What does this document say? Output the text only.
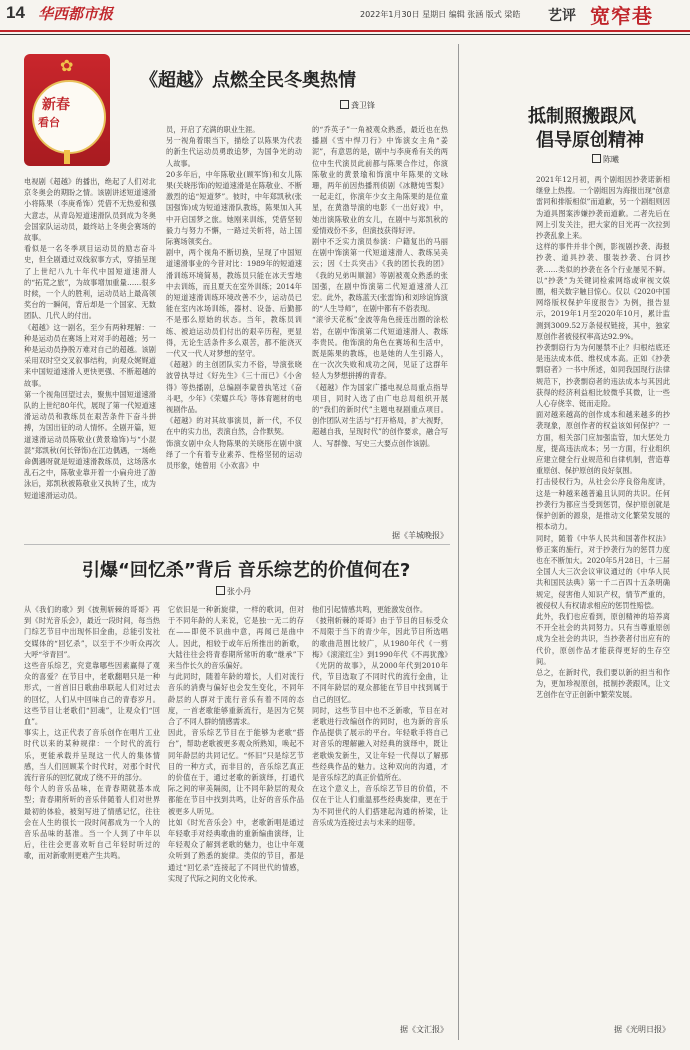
14 华西都市报	2022年1月30日 星期日 编辑 张涵 版式 梁皓 艺评 宽窄巷
✿
新春
看台
《超越》点燃全民冬奥热情
龚卫锋
电视剧《超越》的播出，绝起了人们对北京冬奥会的期盼之情。该剧讲述短道速滑小将陈果（李庚希饰）凭借不无热爱和强大意志，从青岛短道速滑队员到成为冬奥会国家队运动员，最终站上冬奥会赛场的故事。
看似是一名冬季项目运动员的励志奋斗史，但全剧通过双线叙事方式，穿插呈现了上世纪八九十年代中国短道速滑人的“拓荒之旅”，为故事增加重量……很多时候，一个人的胜利，运动员站上最高领奖台的一瞬间，背后却是一个国家、无数团队、几代人的付出。
《超越》这一剧名，至少有两种理解：一种是运动员在赛场上对对手的超越；另一种是运动员挣脱万难对自己的超越。该剧采用双时空交叉叙事结构，向观众娓娓道来中国短道速滑人更快更强、不断超越的故事。
第一个视角回望过去，聚焦中国短道速滑队的上世纪80年代，展现了第一代短道速滑运动员和教练员在艰苦条件下奋斗拼搏，为国出征的动人情怀。全剧开篇，短道速滑运动员陈敬业(黄景瑜饰)与“小混混”郑凯秋(何长铎饰)在江边偶遇，一场绝命偶遇呀就是短道速滑教练员，这场落水乱石之中，陈敬业靠开着一小扁舟进了游泳后，郑凯秋被陈敬业又执转了生，成为短道速滑运动员。
员，开启了充满的职业生涯。
另一视角着眼当下，描绘了以陈果为代表的新生代运动员勇敢追梦，为国争光的动人故事。
20多年后，中年陈敬业(顾军饰)和女儿陈果(关晓彤饰)的短道速滑是在陈敬业、不断激烈的追“短道梦”。彼时，中年郑凯秋(张国强饰)成为短道速滑队教练，陈果加入其中开启国梦之旅。她刚来训练，凭借坚韧毅力与努力不懈，一路过关斩将，站上国际赛场领奖台。
剧中，两个视角不断切换，呈现了中国短道速滑事业的今昔对比：1989年的短道速滑训练环境简易，教练员只能在冰天雪地中去训练，而且夏天在室外训练；2014年的短道速滑训练环境改善不少，运动员已能在室内冰场训练，器材、设备、后勤都不是那么原始的状态。当年，教练员训练、被迫运动员们付出的艰辛历程，更显得，无论生活条件多么艰苦，都不能浇灭一代又一代人对梦想的坚守。
《超越》的主创团队实力不俗，导演张晓波曾执导过《好先生》《三十而已》《小舍得》等热播剧，总编剧李蒙曾执笔过《奋斗吧，少年》《荣耀乒乓》等体育题材的电视剧作品。
《超越》的对其故事演员，新一代，不仅在中的实力出，表演自然，合作默契。
饰演女剧中众人物陈果的关晓彤在剧中演绎了一个有着专业素养、性格坚韧的运动员形象，她曾用《小欢喜》中
的“乔英子”一角被观众熟悉，最近也在热播剧《雪中悍刀行》中饰演女主角“姜泥”，有意思的是，剧中与李庚希有关的两位中生代演员此前都与陈果合作过，你演陈敬业的黄景瑜和饰演中年陈果的文咏珊，两年前因热播刑侦剧《冰糖炖雪梨》一起走红，你演年少女主角陈果的是位童星，在黄渤导演的电影《一出好戏》中，她出演陈敬业的女儿，在剧中与郑凯秋的爱情戏份不多，但演技获得好评。
剧中不乏实力演员参演：户籍复出的马丽在剧中饰演第一代短道速滑人、教练吴美云；因《士兵突击》《我的团长我的团》《我的兄弟叫顺溜》等剧被观众熟悉的张国强，在剧中饰演第二代短道速滑人江宏。此外，教练蓝天(张雷饰)和刘珍谊饰演的“人生导师”，在剧中都有不俗表现。
“滚爷天花板”金波等角色接连出圈的涂松岩，在剧中饰演第二代短道速滑人、教练李贵民。他饰演的角色在赛场和生活中，既是陈果的教练，也是她的人生引路人，在一次次失败和成功之间，见证了这群年轻人为梦想拼搏的青春。
《超越》作为国家广播电视总局重点指导项目，同时入选了由广电总局组织开展的“我们的新时代”主题电视剧重点项目。创作团队对生活与“打开格局，扩大视野，超越自我，呈现时代”的创作要求，融合写人、写群像、写史三大要点创作该剧。
据《羊城晚报》
引爆“回忆杀”背后 音乐综艺的价值何在?
张小丹
从《我们的歌》到《披荆斩棘的哥哥》再到《时光音乐会》，最近一段时间，每当热门综艺节目中出现怀旧金曲，总能引发社交媒体的“回忆杀”，以至于不少听众再次大呼“爷青回”。
这些音乐综艺，究竟靠哪些因素赢得了观众的喜爱？在节目中，老歌翻唱只是一种形式，一首首旧日歌曲串联起人们对过去的回忆，人们从中回味自己的青春岁月。这些节目让老歌们“回魂”，让观众们“回血”。
事实上，这正代表了音乐创作在唱片工业时代以来的某种规律：一个时代的流行乐，更能承载并呈现这一代人的集体情感，当人们回顾某个时代时，对那个时代流行音乐的回忆就成了绕不开的部分。
每个人的音乐品味，在青春期就基本成型；青春期所听的音乐伴随着人们对世界最初的体验，被刻写进了情感记忆，往往会在人生的很长一段时间都成为一个人的音乐品味的基准。当一个人到了中年以后，往往会更喜欢听自己年轻时听过的歌，而对新歌则更难产生共鸣。
它依旧是一种新旋律，一样的歌词，但对于不同年龄的人来说，它是独一无二的存在——即使不识曲中意，再闻已是曲中人。因此，相较于或年后所推出的新歌，大陆往往会将青春期所常听的歌“继承”下来当作长久的音乐偏好。
与此同时，随着年龄的增长，人们对流行音乐的消费与偏好也会发生变化，不同年龄层的人群对于流行音乐有着不同的态度，一首老歌能够重新流行，是因为它契合了不同人群的情感需求。
因此，音乐综艺节目在于能够为老歌“搭台”，帮助老歌被更多观众所熟知，唤起不同年龄层的共同记忆。“怀旧”只是综艺节目的一种方式，而非目的，音乐综艺真正的价值在于，通过老歌的新演绎，打通代际之间的审美隔阂，让不同年龄层的观众都能在节目中找到共鸣，让好的音乐作品被更多人听见。
比如《时光音乐会》中，老歌新唱是通过年轻歌手对经典歌曲的重新编曲演绎，让年轻观众了解到老歌的魅力，也让中年观众听到了熟悉的旋律。类似的节目，都是通过“回忆杀”连接起了不同世代的情感，实现了代际之间的文化传承。
他们引起情感共鸣，更能激发创作。
《披荆斩棘的哥哥》由于节目的目标受众不局限于当下的青少年，因此节目所选唱的歌曲范围比较广，从1980年代《一剪梅》《滚滚红尘》到1990年代《不再犹豫》《光阴的故事》，从2000年代到2010年代，节目选取了不同时代的流行金曲，让不同年龄层的观众都能在节目中找到属于自己的回忆。
同时，这些节目中也不乏新歌，节目在对老歌进行改编创作的同时，也为新的音乐作品提供了展示的平台。年轻歌手将自己对音乐的理解融入对经典的演绎中，既让老歌焕发新生，又让年轻一代得以了解那些经典作品的魅力。这种双向的沟通，才是音乐综艺的真正价值所在。
在这个意义上，音乐综艺节目的价值，不仅在于让人们重温那些经典旋律，更在于为不同世代的人们搭建起沟通的桥梁，让音乐成为连接过去与未来的纽带。
据《文汇报》
抵制照搬跟风
倡导原创精神
陈曦
2021年12月初，两个剧组因抄袭诺新相继登上热搜。一个剧组因为海报出现“创意雷同和排版相似”而道歉，另一个剧组则因为道具图案涉嫌抄袭而道歉。二者先后在网上引发关注，把大家的目光再一次拉到抄袭乱象上来。
这样的事件并非个例，影视剧抄袭、海报抄袭、道具抄袭、服装抄袭、台词抄袭……类似的抄袭在各个行业屡见不鲜。以“抄袭”为关键词检索网络或审视文娱圈，相关数字触目惊心。仅以《2020中国网络版权保护年度报告》为例，报告显示，2019年1月至2020年10月，累计监测到3009.52万条侵权链接，其中，独家原创作者被侵权率高达92.9%。
抄袭剽窃行为为何屡禁不止？归根结底还是违法成本低、维权成本高。正如《抄袭剽窃者》一书中所述，如同我国现行法律规范下，抄袭剽窃者的违法成本与其因此获得的经济利益相比较微乎其微，让一些人心存侥幸、铤而走险。
面对越来越高的创作成本和越来越多的抄袭现象，原创作者的权益该如何保护？一方面，相关部门应加强监管，加大惩处力度，提高违法成本；另一方面，行业组织应建立健全行业规范和自律机制，营造尊重原创、保护原创的良好氛围。
打击侵权行为，从社会公序良俗角度讲，这是一种越来越普遍且认同的共识。任何抄袭行为都应当受到惩罚，保护原创就是保护创新的源泉，是推动文化繁荣发展的根本动力。
同时，随着《中华人民共和国著作权法》修正案的施行，对于抄袭行为的惩罚力度也在不断加大。2020年5月28日，十三届全国人大三次会议审议通过的《中华人民共和国民法典》第一千二百四十五条明确规定，侵害他人知识产权，情节严重的，被侵权人有权请求相应的惩罚性赔偿。
此外，我们也应看到，原创精神的培养离不开全社会的共同努力。只有当尊重原创成为全社会的共识，当抄袭者付出应有的代价，原创作品才能获得更好的生存空间。
总之，在新时代，我们要以新的担当和作为，更加珍视原创，抵制抄袭跟风，让文艺创作在守正创新中繁荣发展。
据《光明日报》
